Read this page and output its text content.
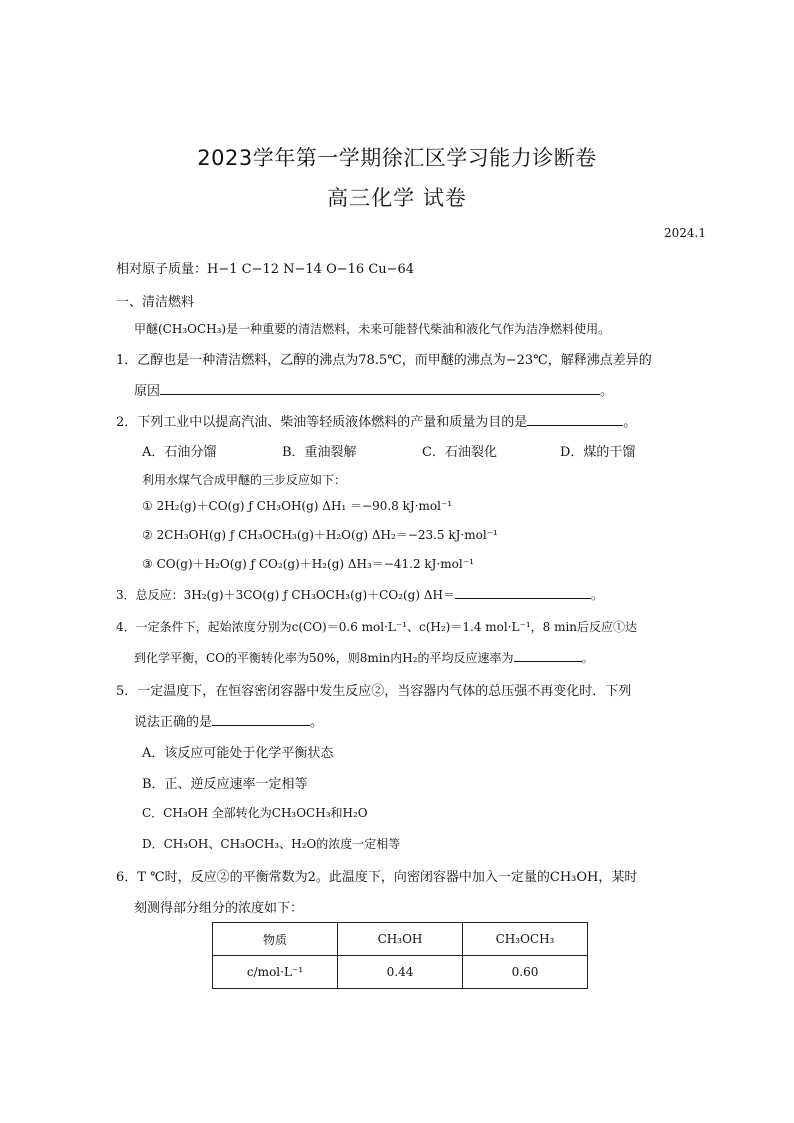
2023学年第一学期徐汇区学习能力诊断卷
高三化学 试卷
2024.1
相对原子质量：H−1 C−12 N−14 O−16 Cu−64
一、清洁燃料
甲醚(CH₃OCH₃)是一种重要的清洁燃料，未来可能替代柴油和液化气作为洁净燃料使用。
1．乙醇也是一种清洁燃料，乙醇的沸点为78.5℃，而甲醚的沸点为−23℃，解释沸点差异的
原因	。
2．下列工业中以提高汽油、柴油等轻质液体燃料的产量和质量为目的是	。
A．石油分馏	B．重油裂解	C．石油裂化	D．煤的干馏
利用水煤气合成甲醚的三步反应如下：
① 2H₂(g)＋CO(g) ƒ CH₃OH(g) ΔH₁ ＝−90.8 kJ·mol⁻¹
② 2CH₃OH(g) ƒ CH₃OCH₃(g)＋H₂O(g) ΔH₂＝−23.5 kJ·mol⁻¹
③ CO(g)＋H₂O(g) ƒ CO₂(g)＋H₂(g) ΔH₃＝−41.2 kJ·mol⁻¹
3．总反应：3H₂(g)＋3CO(g) ƒ CH₃OCH₃(g)＋CO₂(g) ΔH＝	。
4．一定条件下，起始浓度分别为c(CO)＝0.6 mol·L⁻¹、c(H₂)＝1.4 mol·L⁻¹，8 min后反应①达
到化学平衡，CO的平衡转化率为50%，则8min内H₂的平均反应速率为	。
5．一定温度下，在恒容密闭容器中发生反应②，当容器内气体的总压强不再变化时．下列
说法正确的是	。
A．该反应可能处于化学平衡状态
B．正、逆反应速率一定相等
C．CH₃OH 全部转化为CH₃OCH₃和H₂O
D．CH₃OH、CH₃OCH₃、H₂O的浓度一定相等
6．T ℃时，反应②的平衡常数为2。此温度下，向密闭容器中加入一定量的CH₃OH，某时
刻测得部分组分的浓度如下：
物质	CH₃OH	CH₃OCH₃
c/mol·L⁻¹	0.44	0.60
